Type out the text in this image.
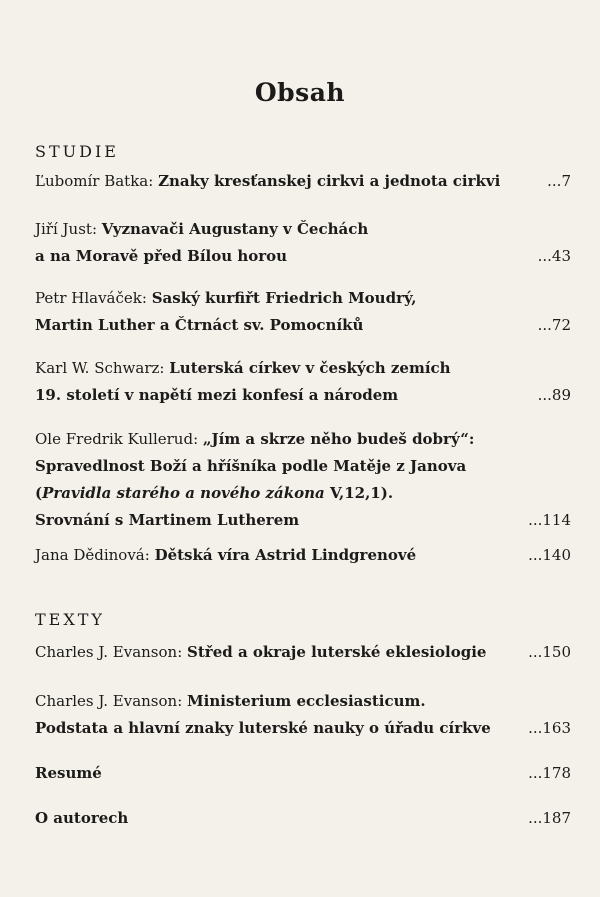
Obsah
STUDIE
Ľubomír Batka: Znaky kresťanskej cirkvi a jednota cirkvi	...7
Jiří Just: Vyznavači Augustany v Čechách
a na Moravě před Bílou horou	...43
Petr Hlaváček: Saský kurfiřt Friedrich Moudrý,
Martin Luther a Čtrnáct sv. Pomocníků	...72
Karl W. Schwarz: Luterská církev v českých zemích
19. století v napětí mezi konfesí a národem	...89
Ole Fredrik Kullerud: „Jím a skrze něho budeš dobrý“:
Spravedlnost Boží a hříšníka podle Matěje z Janova
(Pravidla starého a nového zákona V,12,1).
Srovnání s Martinem Lutherem	...114
Jana Dědinová: Dětská víra Astrid Lindgrenové	...140
TEXTY
Charles J. Evanson: Střed a okraje luterské eklesiologie	...150
Charles J. Evanson: Ministerium ecclesiasticum.
Podstata a hlavní znaky luterské nauky o úřadu církve ...163
Resumé	...178
O autorech	...187
